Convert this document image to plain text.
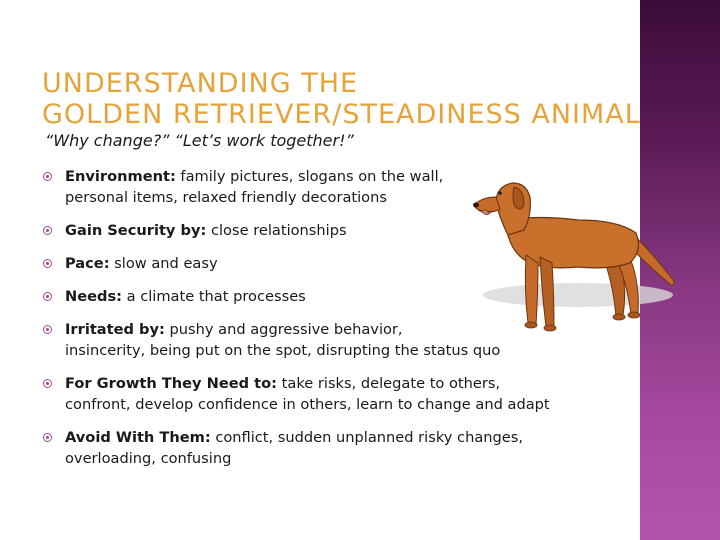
UNDERSTANDING THE
GOLDEN RETRIEVER/STEADINESS ANIMAL
“Why change?” “Let’s work together!”
Environment: family pictures, slogans on the wall,
personal items, relaxed friendly decorations
Gain Security by: close relationships
Pace: slow and easy
Needs: a climate that processes
Irritated by: pushy and aggressive behavior,
insincerity, being put on the spot, disrupting the status quo
For Growth They Need to: take risks, delegate to others, confront, develop confidence in others, learn to change and adapt
Avoid With Them: conflict, sudden unplanned risky changes, overloading, confusing
